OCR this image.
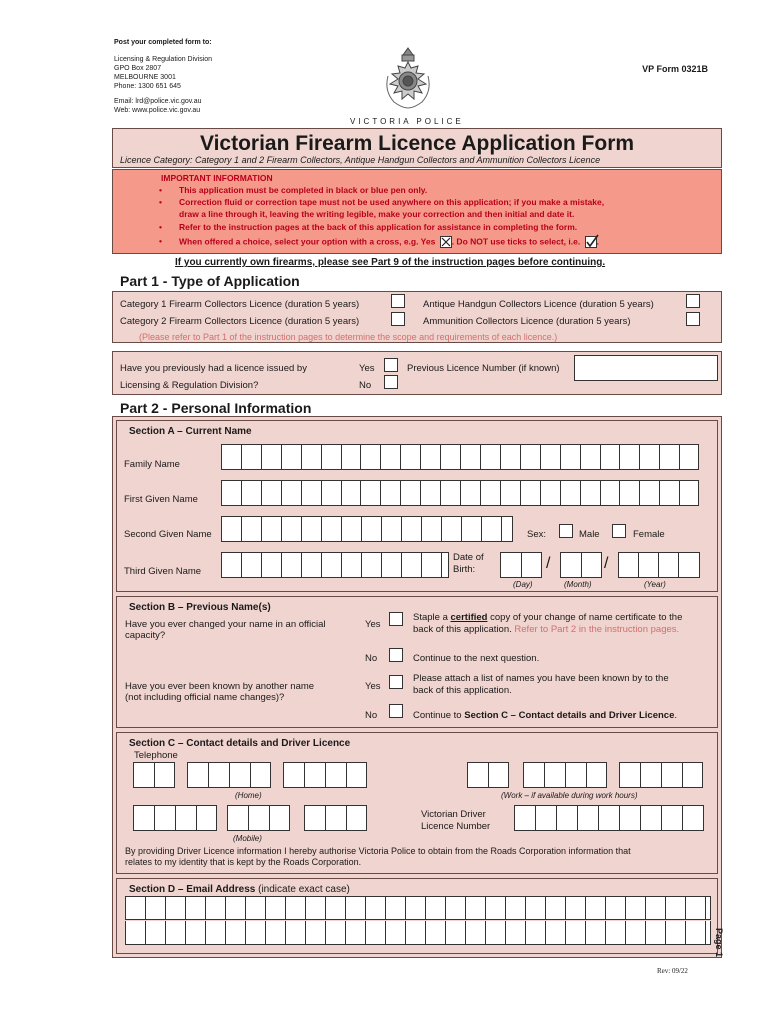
Post your completed form to:
Licensing & Regulation Division
GPO Box 2807
MELBOURNE 3001
Phone: 1300 651 645
Email: lrd@police.vic.gov.au
Web: www.police.vic.gov.au
VICTORIA POLICE
VP Form 0321B
Victorian Firearm Licence Application Form
Licence Category: Category 1 and 2 Firearm Collectors, Antique Handgun Collectors and Ammunition Collectors Licence
IMPORTANT INFORMATION
• This application must be completed in black or blue pen only.
• Correction fluid or correction tape must not be used anywhere on this application; if you make a mistake,
draw a line through it, leaving the writing legible, make your correction and then initial and date it.
• Refer to the instruction pages at the back of this application for assistance in completing the form.
• When offered a choice, select your option with a cross, e.g. Yes . Do NOT use ticks to select, i.e. .
If you currently own firearms, please see Part 9 of the instruction pages before continuing.
Part 1 - Type of Application
Category 1 Firearm Collectors Licence (duration 5 years)
Category 2 Firearm Collectors Licence (duration 5 years)
Antique Handgun Collectors Licence (duration 5 years)
Ammunition Collectors Licence (duration 5 years)
(Please refer to Part 1 of the instruction pages to determine the scope and requirements of each licence.)
Have you previously had a licence issued by
Licensing & Regulation Division?
Yes
No
Previous Licence Number (if known)
Part 2 - Personal Information
Section A – Current Name
Family Name
First Given Name
Second Given Name	Sex:	Male	Female
Third Given Name
Date of
Birth:	/	/
(Day)	(Month)	(Year)
Section B – Previous Name(s)
Have you ever changed your name in an official
capacity?
Yes
Staple a certified copy of your change of name certificate to the
back of this application. Refer to Part 2 in the instruction pages.
No	Continue to the next question.
Have you ever been known by another name
(not including official name changes)?
Yes
Please attach a list of names you have been known by to the
back of this application.
No	Continue to Section C – Contact details and Driver Licence.
Section C – Contact details and Driver Licence
Telephone
(Home)	(Work – if available during work hours)
(Mobile)
Victorian Driver
Licence Number
By providing Driver Licence information I hereby authorise Victoria Police to obtain from the Roads Corporation information that
relates to my identity that is kept by the Roads Corporation.
Section D – Email Address (indicate exact case)
Page 1
Rev: 09/22
